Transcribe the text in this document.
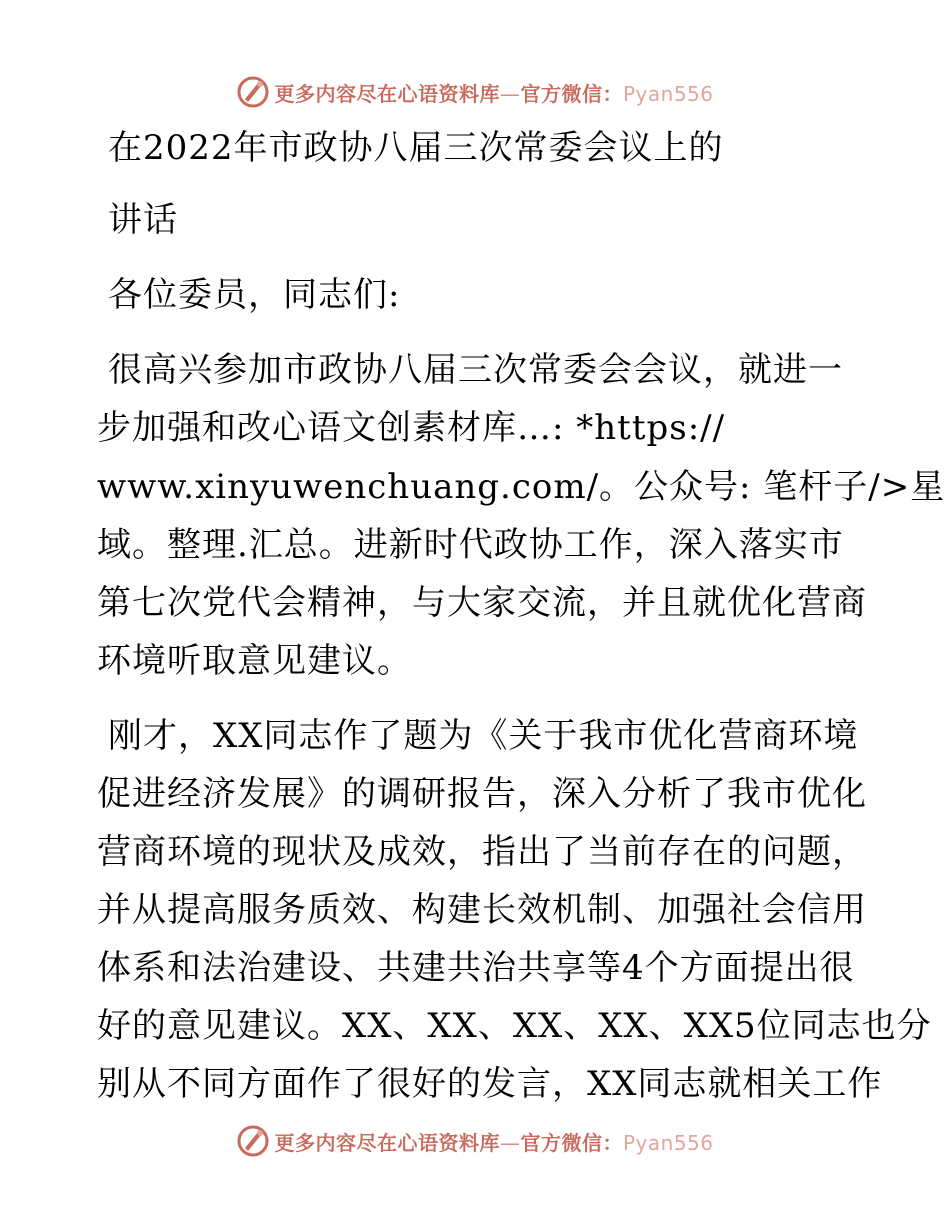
更多内容尽在心语资料库—官方微信：Pyan556
在2022年市政协八届三次常委会议上的
讲话
各位委员，同志们:
很高兴参加市政协八届三次常委会会议，就进一
步加强和改心语文创素材库…: *https://
www.xinyuwenchuang.com/。公众号: 笔杆子/>星
域。整理.汇总。进新时代政协工作，深入落实市
第七次党代会精神，与大家交流，并且就优化营商
环境听取意见建议。
刚才，XX同志作了题为《关于我市优化营商环境
促进经济发展》的调研报告，深入分析了我市优化
营商环境的现状及成效，指出了当前存在的问题，
并从提高服务质效、构建长效机制、加强社会信用
体系和法治建设、共建共治共享等4个方面提出很
好的意见建议。XX、XX、XX、XX、XX5位同志也分
别从不同方面作了很好的发言，XX同志就相关工作
更多内容尽在心语资料库—官方微信：Pyan556
